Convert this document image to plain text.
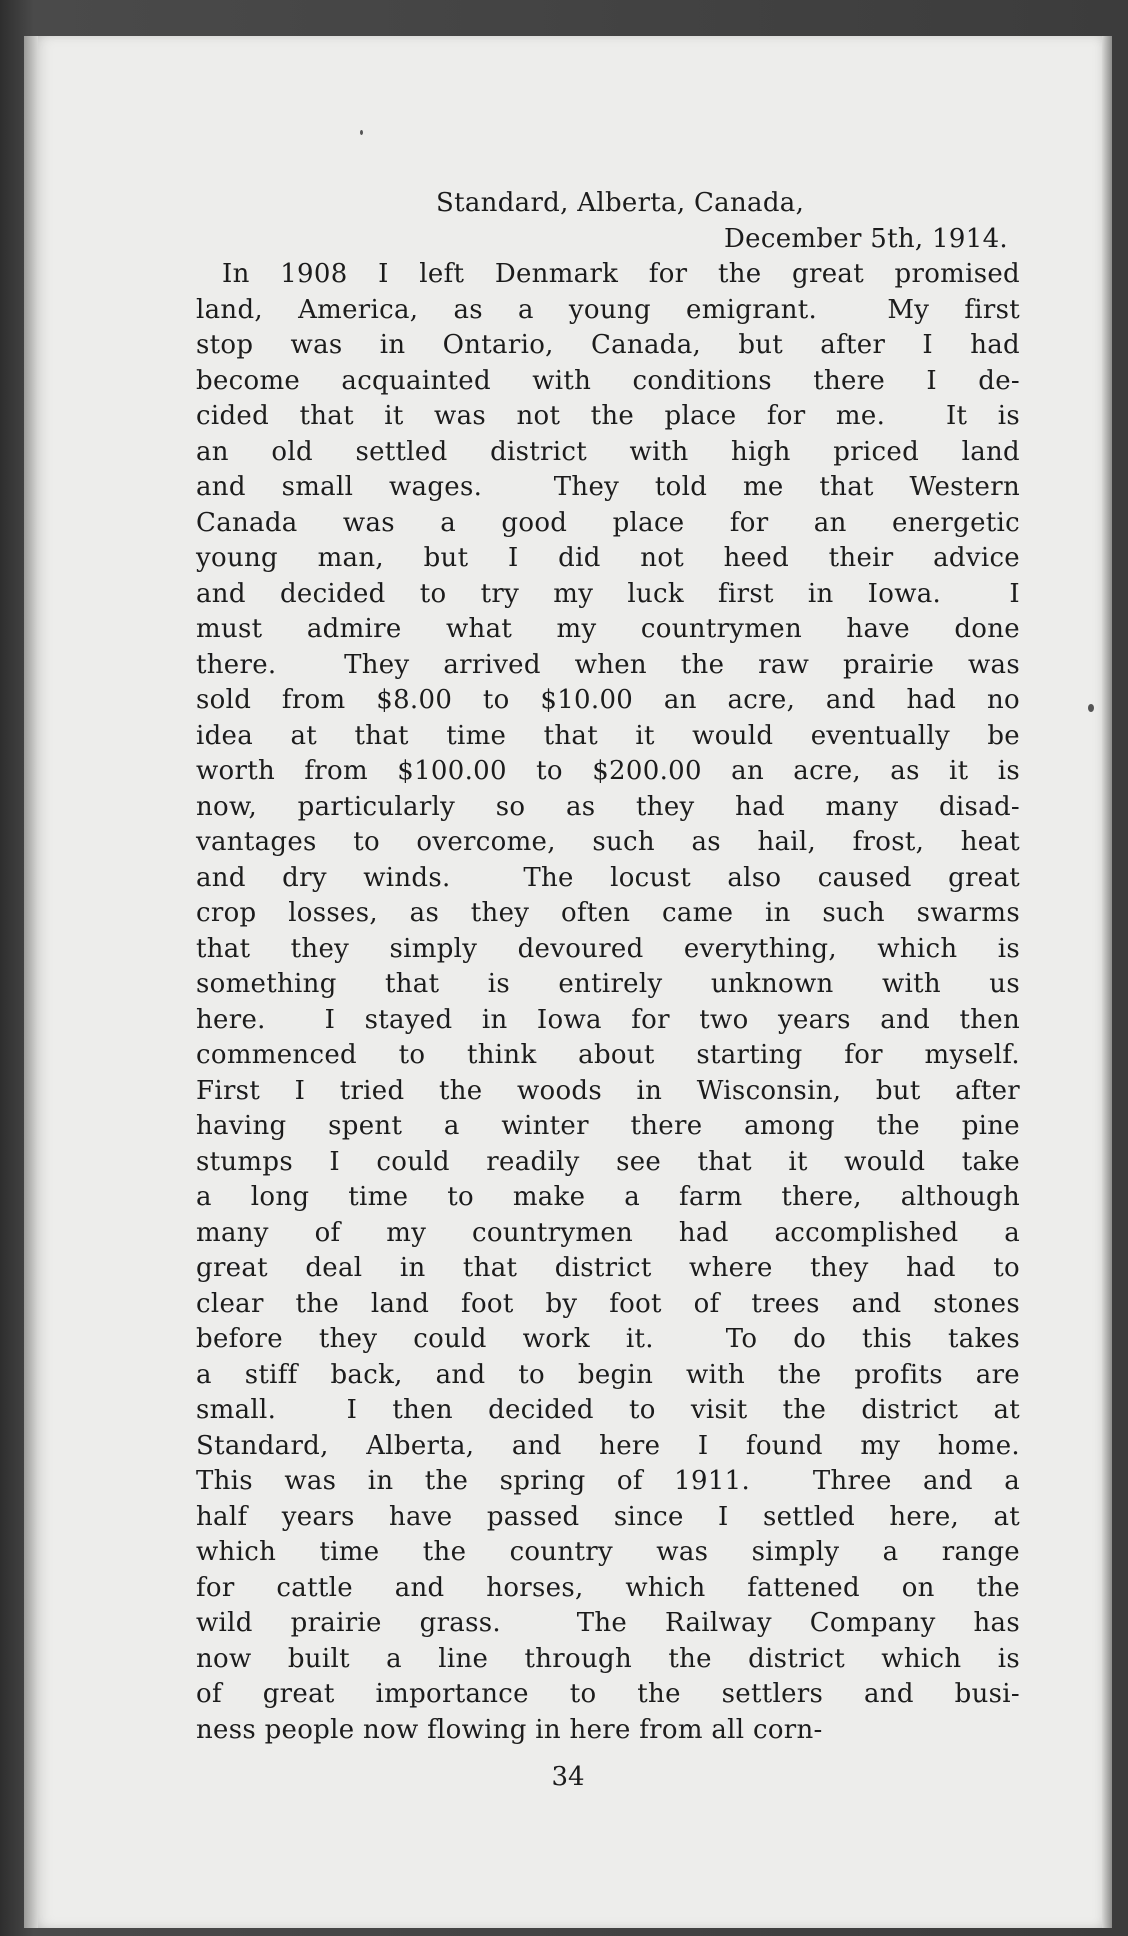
Standard, Alberta, Canada,
December 5th, 1914.
In 1908 I left Denmark for the great promised
land, America, as a young emigrant.  My first
stop was in Ontario, Canada, but after I had
become acquainted with conditions there I de-
cided that it was not the place for me.  It is
an old settled district with high priced land
and small wages.  They told me that Western
Canada was a good place for an energetic
young man, but I did not heed their advice
and decided to try my luck first in Iowa.  I
must admire what my countrymen have done
there.  They arrived when the raw prairie was
sold from $8.00 to $10.00 an acre, and had no
idea at that time that it would eventually be
worth from $100.00 to $200.00 an acre, as it is
now, particularly so as they had many disad-
vantages to overcome, such as hail, frost, heat
and dry winds.  The locust also caused great
crop losses, as they often came in such swarms
that they simply devoured everything, which is
something that is entirely unknown with us
here.  I stayed in Iowa for two years and then
commenced to think about starting for myself.
First I tried the woods in Wisconsin, but after
having spent a winter there among the pine
stumps I could readily see that it would take
a long time to make a farm there, although
many of my countrymen had accomplished a
great deal in that district where they had to
clear the land foot by foot of trees and stones
before they could work it.  To do this takes
a stiff back, and to begin with the profits are
small.  I then decided to visit the district at
Standard, Alberta, and here I found my home.
This was in the spring of 1911.  Three and a
half years have passed since I settled here, at
which time the country was simply a range
for cattle and horses, which fattened on the
wild prairie grass.  The Railway Company has
now built a line through the district which is
of great importance to the settlers and busi-
ness people now flowing in here from all corn-
34
